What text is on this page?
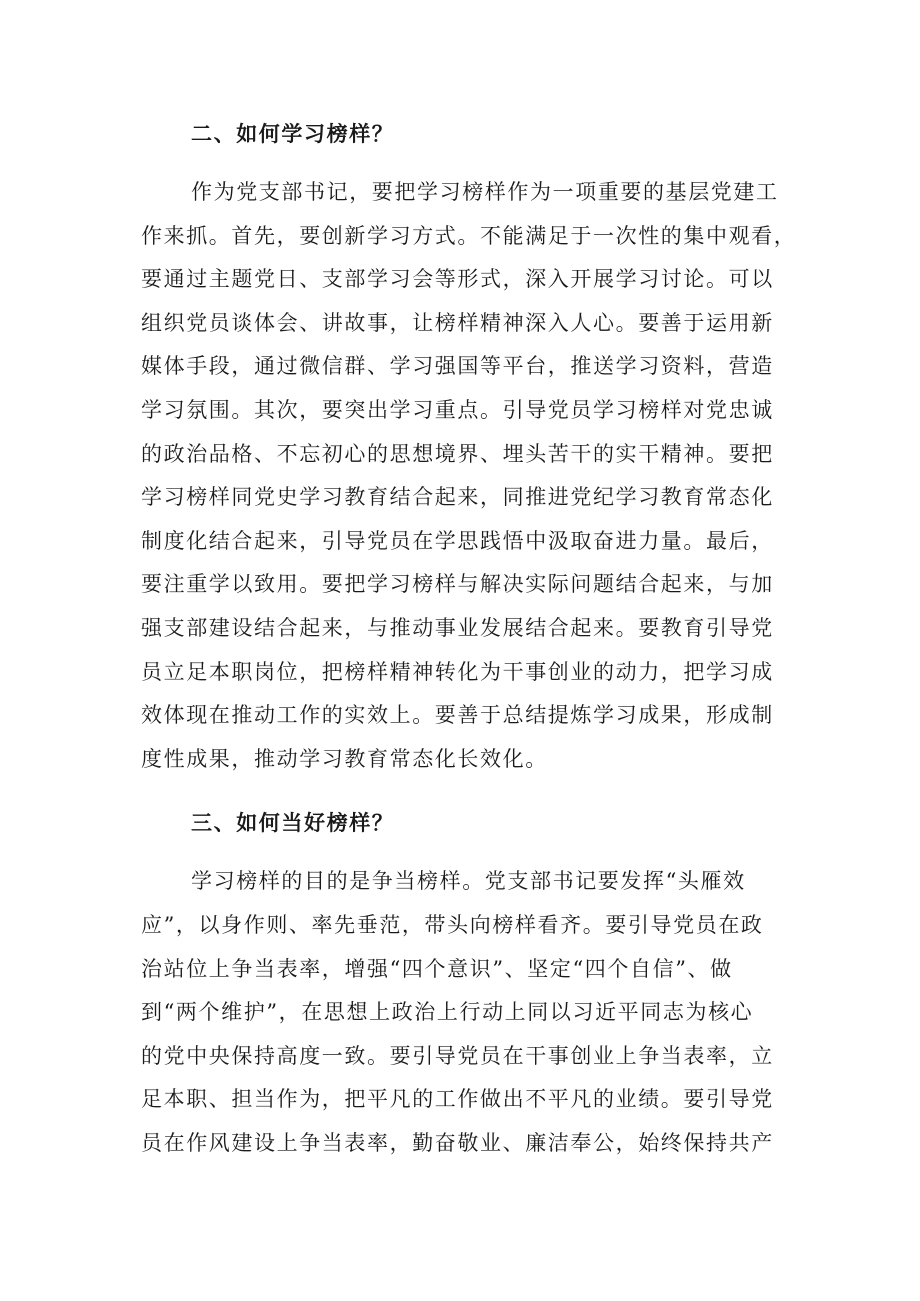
二、如何学习榜样？

作为党支部书记，要把学习榜样作为一项重要的基层党建工
作来抓。首先，要创新学习方式。不能满足于一次性的集中观看，
要通过主题党日、支部学习会等形式，深入开展学习讨论。可以
组织党员谈体会、讲故事，让榜样精神深入人心。要善于运用新
媒体手段，通过微信群、学习强国等平台，推送学习资料，营造
学习氛围。其次，要突出学习重点。引导党员学习榜样对党忠诚
的政治品格、不忘初心的思想境界、埋头苦干的实干精神。要把
学习榜样同党史学习教育结合起来，同推进党纪学习教育常态化
制度化结合起来，引导党员在学思践悟中汲取奋进力量。最后，
要注重学以致用。要把学习榜样与解决实际问题结合起来，与加
强支部建设结合起来，与推动事业发展结合起来。要教育引导党
员立足本职岗位，把榜样精神转化为干事创业的动力，把学习成
效体现在推动工作的实效上。要善于总结提炼学习成果，形成制
度性成果，推动学习教育常态化长效化。

三、如何当好榜样？

学习榜样的目的是争当榜样。党支部书记要发挥“头雁效
应”，以身作则、率先垂范，带头向榜样看齐。要引导党员在政
治站位上争当表率，增强“四个意识”、坚定“四个自信”、做
到“两个维护”，在思想上政治上行动上同以习近平同志为核心
的党中央保持高度一致。要引导党员在干事创业上争当表率，立
足本职、担当作为，把平凡的工作做出不平凡的业绩。要引导党
员在作风建设上争当表率，勤奋敬业、廉洁奉公，始终保持共产
